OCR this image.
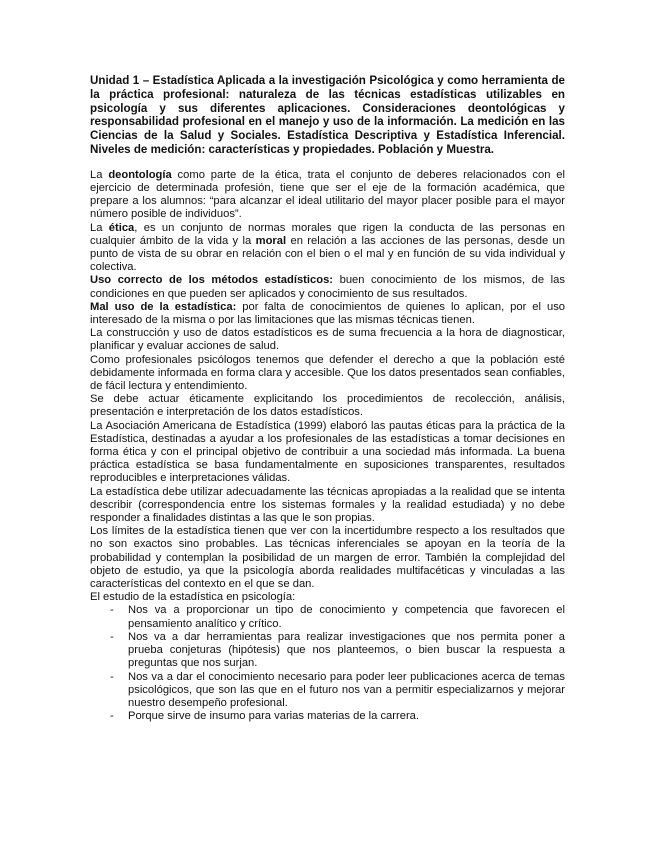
Unidad 1 – Estadística Aplicada a la investigación Psicológica y como herramienta de la práctica profesional: naturaleza de las técnicas estadísticas utilizables en psicología y sus diferentes aplicaciones. Consideraciones deontológicas y responsabilidad profesional en el manejo y uso de la información. La medición en las Ciencias de la Salud y Sociales. Estadística Descriptiva y Estadística Inferencial. Niveles de medición: características y propiedades. Población y Muestra.

La deontología como parte de la ética, trata el conjunto de deberes relacionados con el ejercicio de determinada profesión, tiene que ser el eje de la formación académica, que prepare a los alumnos: “para alcanzar el ideal utilitario del mayor placer posible para el mayor número posible de individuos”.

La ética, es un conjunto de normas morales que rigen la conducta de las personas en cualquier ámbito de la vida y la moral en relación a las acciones de las personas, desde un punto de vista de su obrar en relación con el bien o el mal y en función de su vida individual y colectiva.

Uso correcto de los métodos estadísticos: buen conocimiento de los mismos, de las condiciones en que pueden ser aplicados y conocimiento de sus resultados.

Mal uso de la estadística: por falta de conocimientos de quienes lo aplican, por el uso interesado de la misma o por las limitaciones que las mismas técnicas tienen.

La construcción y uso de datos estadísticos es de suma frecuencia a la hora de diagnosticar, planificar y evaluar acciones de salud.

Como profesionales psicólogos tenemos que defender el derecho a que la población esté debidamente informada en forma clara y accesible. Que los datos presentados sean confiables, de fácil lectura y entendimiento.

Se debe actuar éticamente explicitando los procedimientos de recolección, análisis, presentación e interpretación de los datos estadísticos.

La Asociación Americana de Estadística (1999) elaboró las pautas éticas para la práctica de la Estadística, destinadas a ayudar a los profesionales de las estadísticas a tomar decisiones en forma ética y con el principal objetivo de contribuir a una sociedad más informada. La buena práctica estadística se basa fundamentalmente en suposiciones transparentes, resultados reproducibles e interpretaciones válidas.

La estadística debe utilizar adecuadamente las técnicas apropiadas a la realidad que se intenta describir (correspondencia entre los sistemas formales y la realidad estudiada) y no debe responder a finalidades distintas a las que le son propias.

Los límites de la estadística tienen que ver con la incertidumbre respecto a los resultados que no son exactos sino probables. Las técnicas inferenciales se apoyan en la teoría de la probabilidad y contemplan la posibilidad de un margen de error. También la complejidad del objeto de estudio, ya que la psicología aborda realidades multifacéticas y vinculadas a las características del contexto en el que se dan.

El estudio de la estadística en psicología:

- Nos va a proporcionar un tipo de conocimiento y competencia que favorecen el pensamiento analítico y crítico.
- Nos va a dar herramientas para realizar investigaciones que nos permita poner a prueba conjeturas (hipótesis) que nos planteemos, o bien buscar la respuesta a preguntas que nos surjan.
- Nos va a dar el conocimiento necesario para poder leer publicaciones acerca de temas psicológicos, que son las que en el futuro nos van a permitir especializarnos y mejorar nuestro desempeño profesional.
- Porque sirve de insumo para varias materias de la carrera.
